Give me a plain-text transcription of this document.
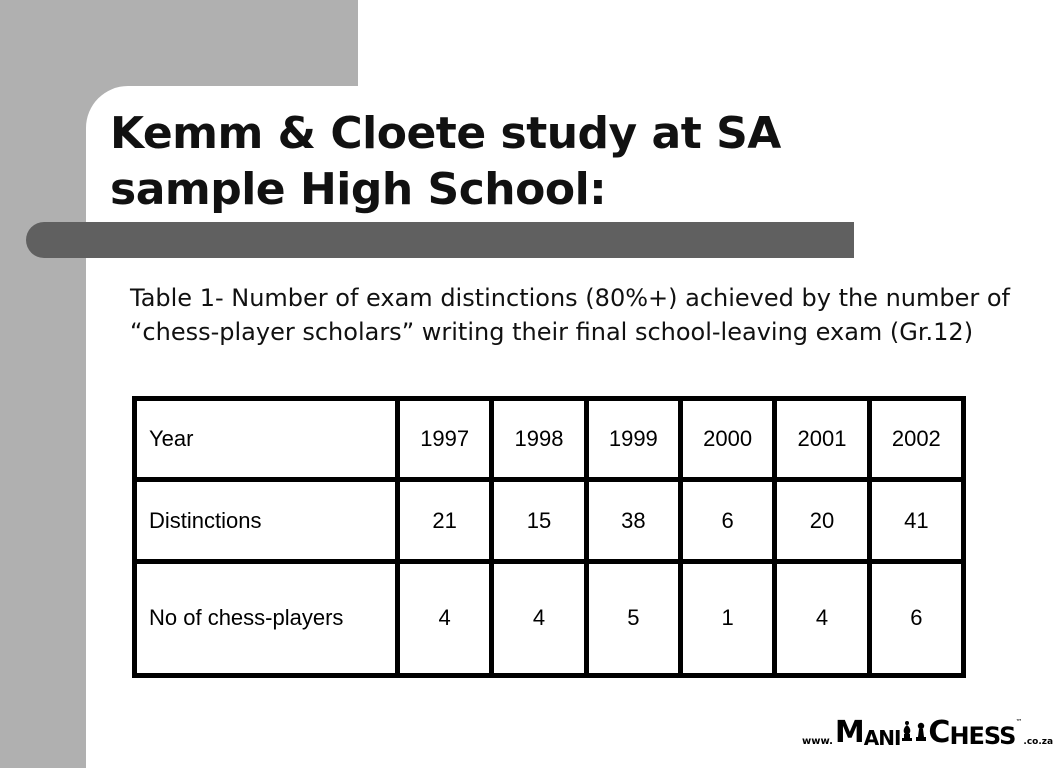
Kemm & Cloete study at SA
sample High School:

Table 1- Number of exam distinctions (80%+) achieved by the number of “chess-player scholars” writing their final school-leaving exam (Gr.12)

Year	1997	1998	1999	2000	2001	2002
Distinctions	21	15	38	6	20	41
No of chess-players	4	4	5	1	4	6
www. M ANI C HESS ™
.co.za
